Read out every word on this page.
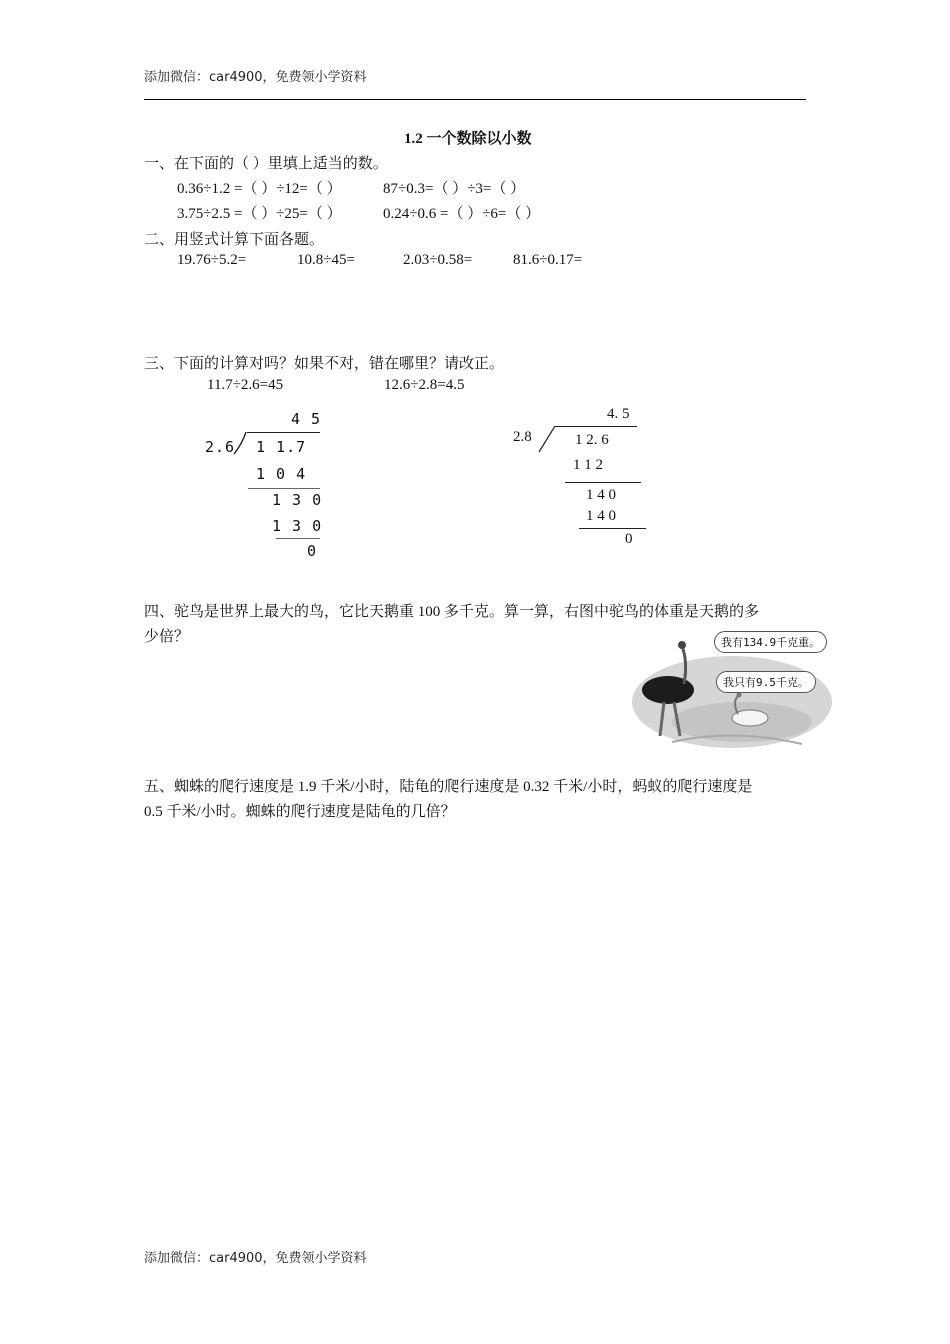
添加微信：car4900，免费领小学资料
1.2 一个数除以小数
一、在下面的（ ）里填上适当的数。
0.36÷1.2 =（ ）÷12=（ ）	87÷0.3=（ ）÷3=（ ）
3.75÷2.5 =（ ）÷25=（ ）	0.24÷0.6 =（ ）÷6=（ ）
二、用竖式计算下面各题。
19.76÷5.2=	10.8÷45=	2.03÷0.58=	81.6÷0.17=
三、下面的计算对吗？如果不对，错在哪里？请改正。
11.7÷2.6=45	12.6÷2.8=4.5
4 5
2.6 1 1.7
1 0 4
1 3 0
1 3 0
0
4. 5
2.8	1 2. 6
1 1 2
1 4 0
1 4 0
0
四、驼鸟是世界上最大的鸟，它比天鹅重 100 多千克。算一算，右图中驼鸟的体重是天鹅的多
少倍？	我有134.9千克重。
我只有9.5千克。
五、蜘蛛的爬行速度是 1.9 千米/小时，陆龟的爬行速度是 0.32 千米/小时，蚂蚁的爬行速度是
0.5 千米/小时。蜘蛛的爬行速度是陆龟的几倍？
添加微信：car4900，免费领小学资料
